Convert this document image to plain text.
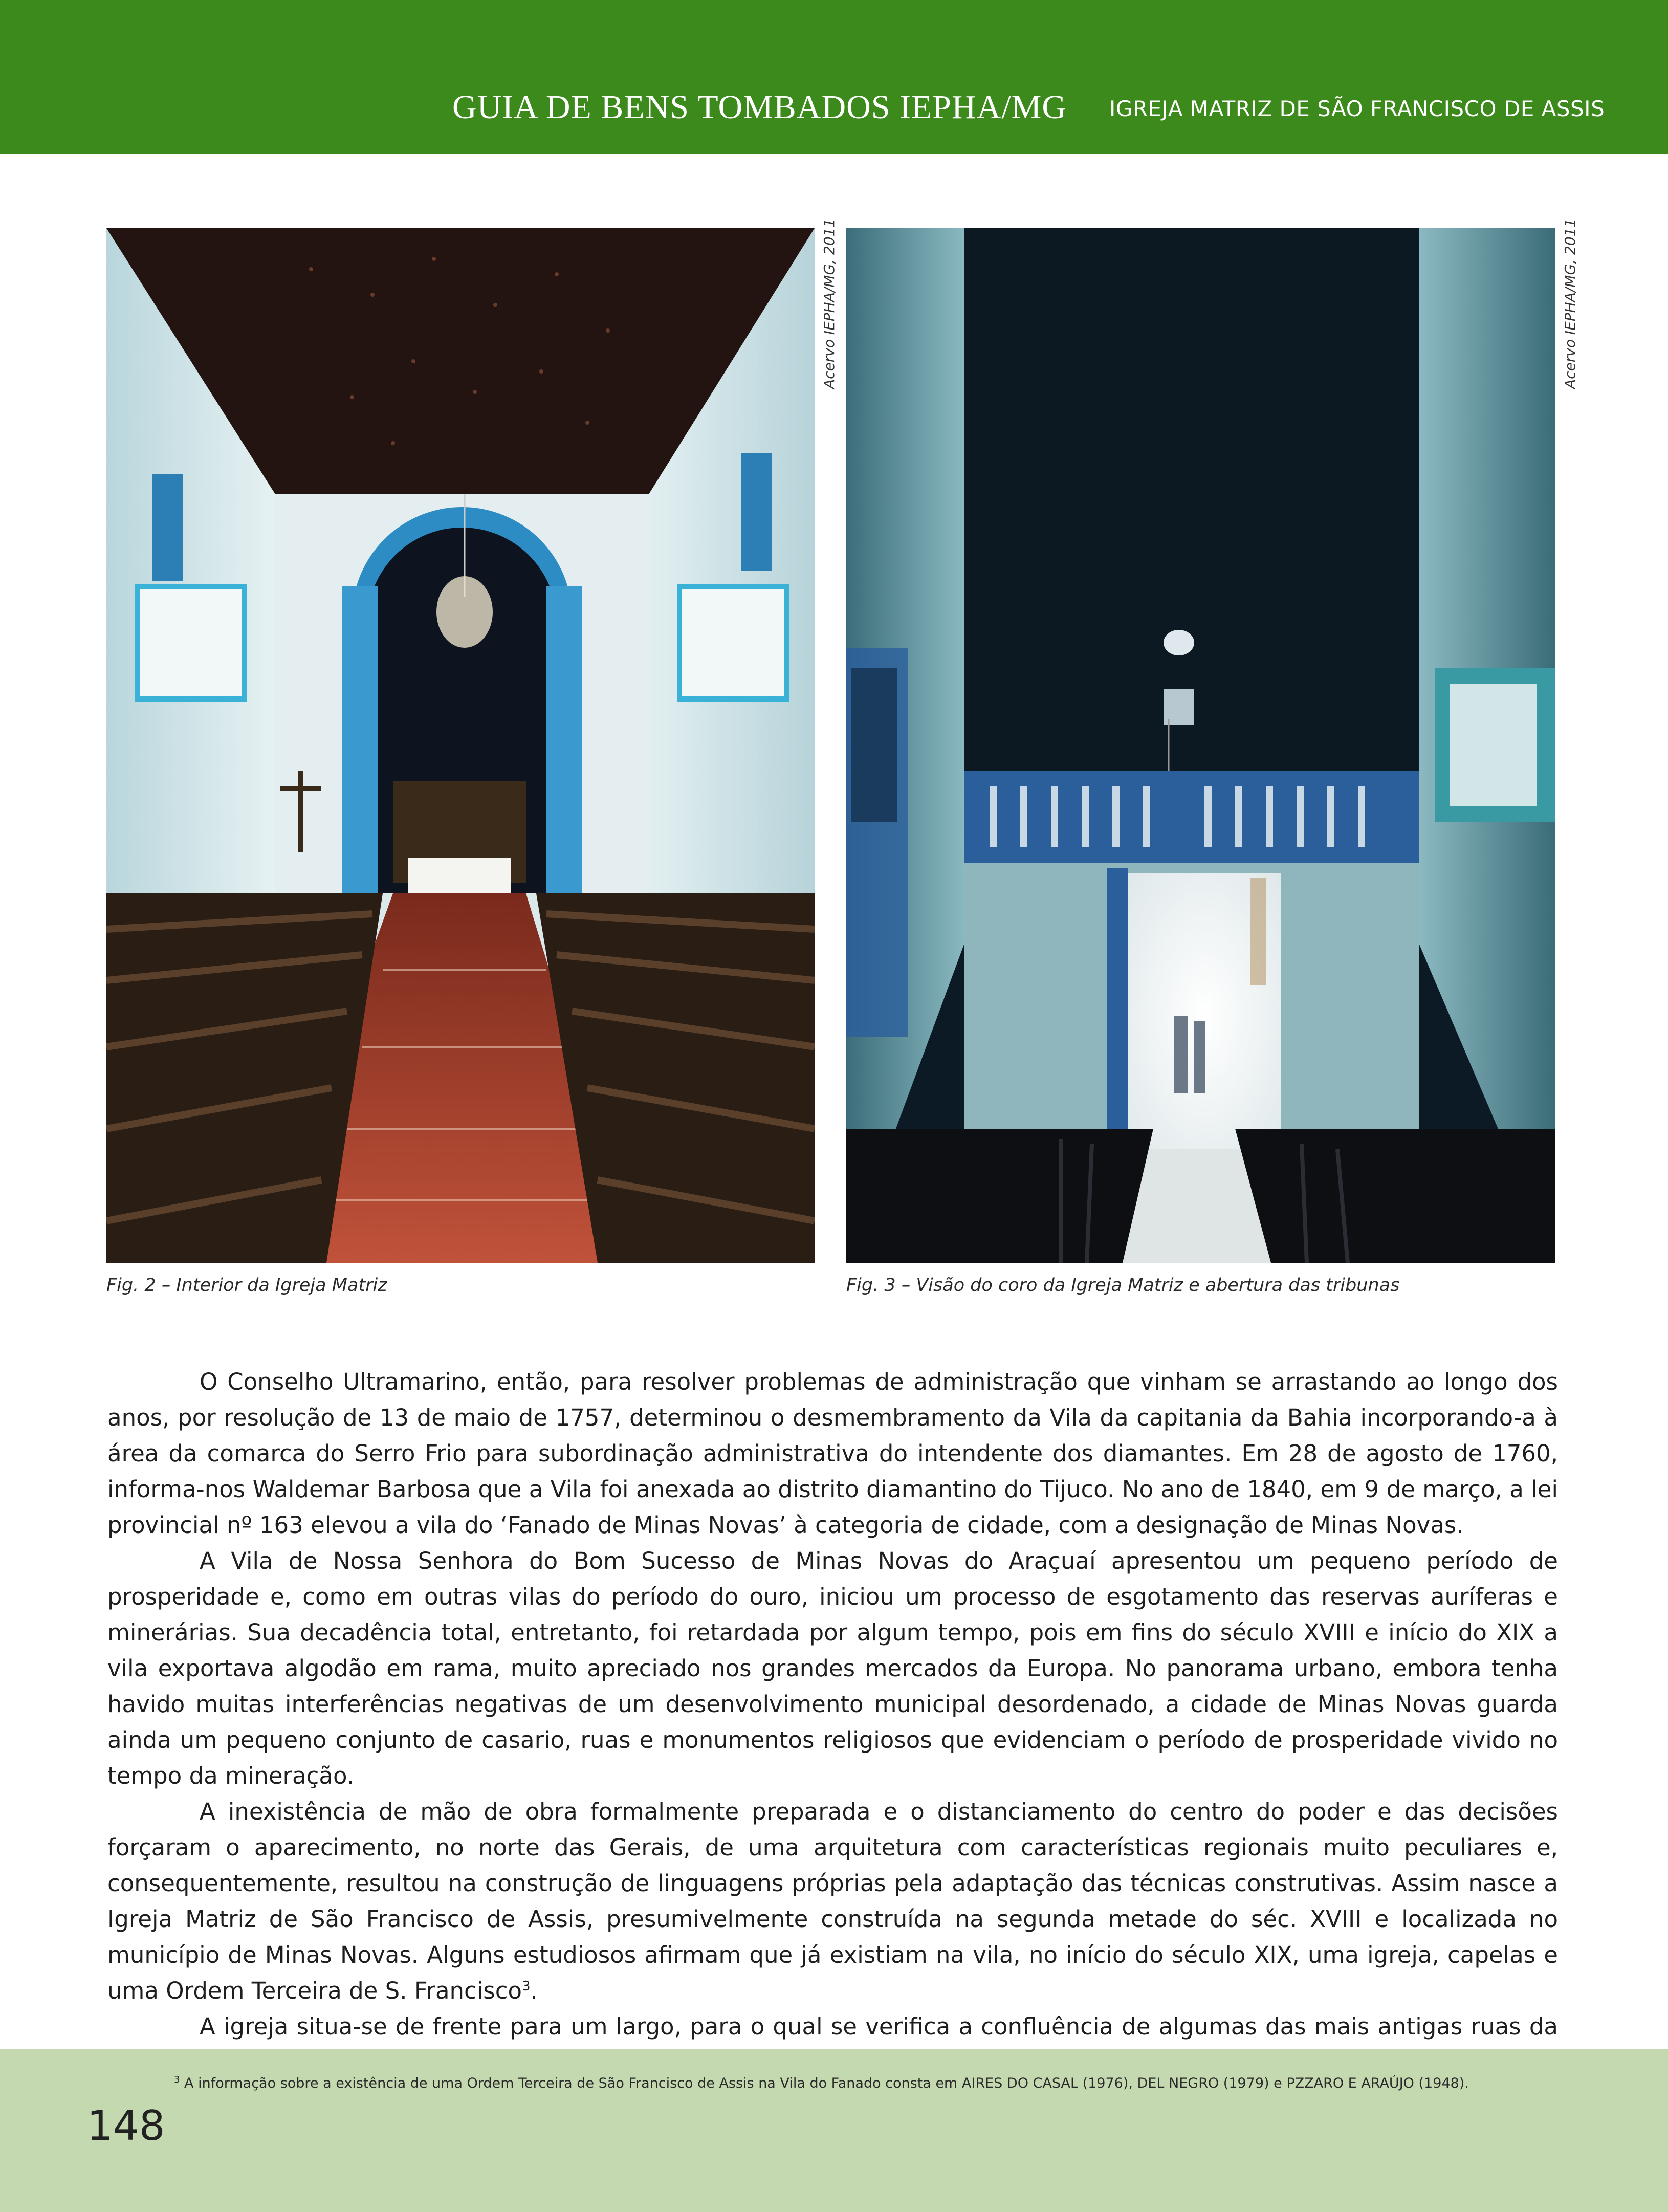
GUIA DE BENS TOMBADOS IEPHA/MG IGREJA MATRIZ DE SÃO FRANCISCO DE ASSIS
Acervo IEPHA/MG, 2011	Acervo IEPHA/MG, 2011
Fig. 2 – Interior da Igreja Matriz	Fig. 3 – Visão do coro da Igreja Matriz e abertura das tribunas

O Conselho Ultramarino, então, para resolver problemas de administração que vinham se arrastando ao longo dos anos, por resolução de 13 de maio de 1757, determinou o desmembramento da Vila da capitania da Bahia incorporando-a à área da comarca do Serro Frio para subordinação administrativa do intendente dos diamantes. Em 28 de agosto de 1760, informa-nos Waldemar Barbosa que a Vila foi anexada ao distrito diamantino do Tijuco. No ano de 1840, em 9 de março, a lei provincial nº 163 elevou a vila do ‘Fanado de Minas Novas’ à categoria de cidade, com a designação de Minas Novas.

A Vila de Nossa Senhora do Bom Sucesso de Minas Novas do Araçuaí apresentou um pequeno período de prosperidade e, como em outras vilas do período do ouro, iniciou um processo de esgotamento das reservas auríferas e minerárias. Sua decadência total, entretanto, foi retardada por algum tempo, pois em fins do século XVIII e início do XIX a vila exportava algodão em rama, muito apreciado nos grandes mercados da Europa. No panorama urbano, embora tenha havido muitas interferências negativas de um desenvolvimento municipal desordenado, a cidade de Minas Novas guarda ainda um pequeno conjunto de casario, ruas e monumentos religiosos que evidenciam o período de prosperidade vivido no tempo da mineração.

A inexistência de mão de obra formalmente preparada e o distanciamento do centro do poder e das decisões forçaram o aparecimento, no norte das Gerais, de uma arquitetura com características regionais muito peculiares e, consequentemente, resultou na construção de linguagens próprias pela adaptação das técnicas construtivas. Assim nasce a Igreja Matriz de São Francisco de Assis, presumivelmente construída na segunda metade do séc. XVIII e localizada no município de Minas Novas. Alguns estudiosos afirmam que já existiam na vila, no início do século XIX, uma igreja, capelas e uma Ordem Terceira de S. Francisco$^3$.

A igreja situa-se de frente para um largo, para o qual se verifica a confluência de algumas das mais antigas ruas da

$^3$ A informação sobre a existência de uma Ordem Terceira de São Francisco de Assis na Vila do Fanado consta em AIRES DO CASAL (1976), DEL NEGRO (1979) e PZZARO E ARAÚJO (1948).
148
